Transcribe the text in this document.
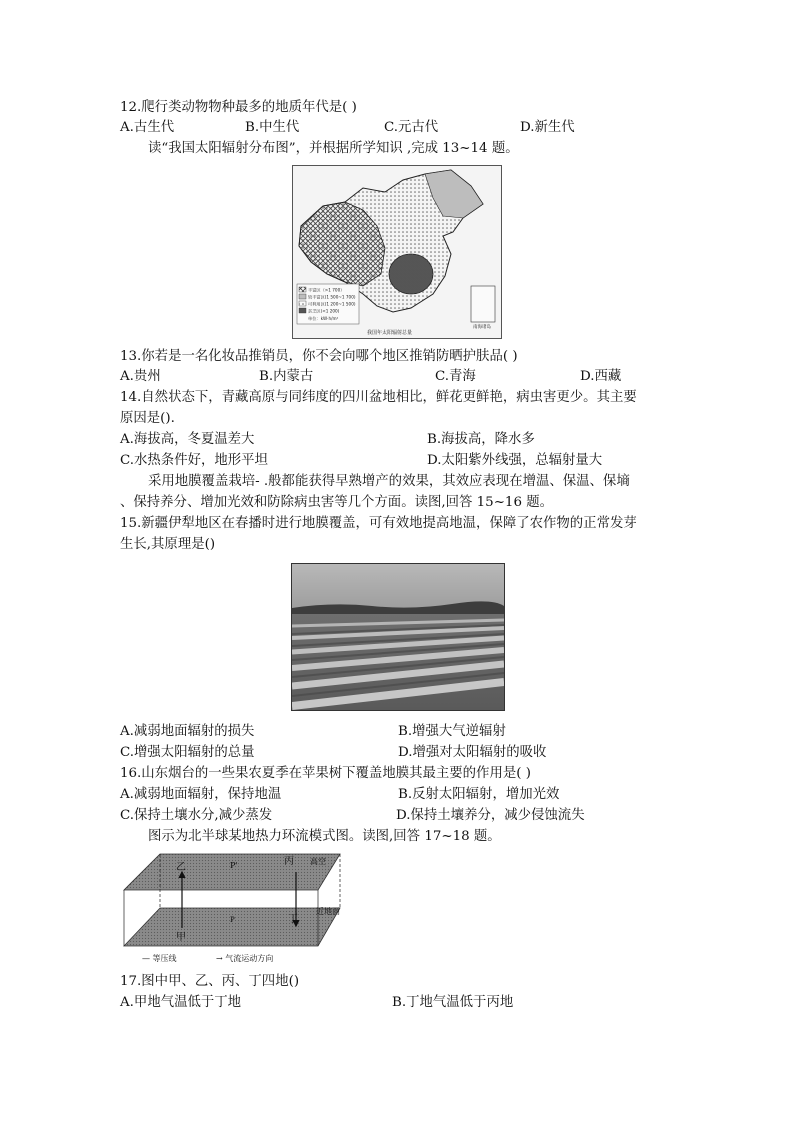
12.爬行类动物物种最多的地质年代是( )
A.古生代	B.中生代	C.元古代	D.新生代
读“我国太阳辐射分布图”，并根据所学知识 ,完成 13~14 题。
丰富区（>1 700）
较丰富区(1 500~1 700)
可利用区(1 200~1 500)
贫乏区(<1 200)
单位：kW·h/m²
南海诸岛
我国年太阳辐射总量
13.你若是一名化妆品推销员，你不会向哪个地区推销防晒护肤品( )
A.贵州	B.内蒙古	C.青海	D.西藏
14.自然状态下，青藏高原与同纬度的四川盆地相比，鲜花更鲜艳，病虫害更少。其主要
原因是().
A.海拔高，冬夏温差大	B.海拔高，降水多
C.水热条件好，地形平坦	D.太阳紫外线强，总辐射量大
采用地膜覆盖栽培- .般都能获得早熟增产的效果，其效应表现在增温、保温、保墒
、保持养分、增加光效和防除病虫害等几个方面。读图,回答 15~16 题。
15.新疆伊犁地区在春播时进行地膜覆盖，可有效地提高地温，保障了农作物的正常发芽
生长,其原理是()
A.减弱地面辐射的损失	B.增强大气逆辐射
C.增强太阳辐射的总量	D.增强对太阳辐射的吸收
16.山东烟台的一些果农夏季在苹果树下覆盖地膜其最主要的作用是( )
A.减弱地面辐射，保持地温	B.反射太阳辐射，增加光效
C.保持土壤水分,减少蒸发	D.保持土壤养分，减少侵蚀流失
图示为北半球某地热力环流模式图。读图,回答 17~18 题。
乙
丙
甲
丁
P'
P
高空
近地面
— 等压线	→ 气流运动方向
17.图中甲、乙、丙、丁四地()
A.甲地气温低于丁地	B.丁地气温低于丙地
